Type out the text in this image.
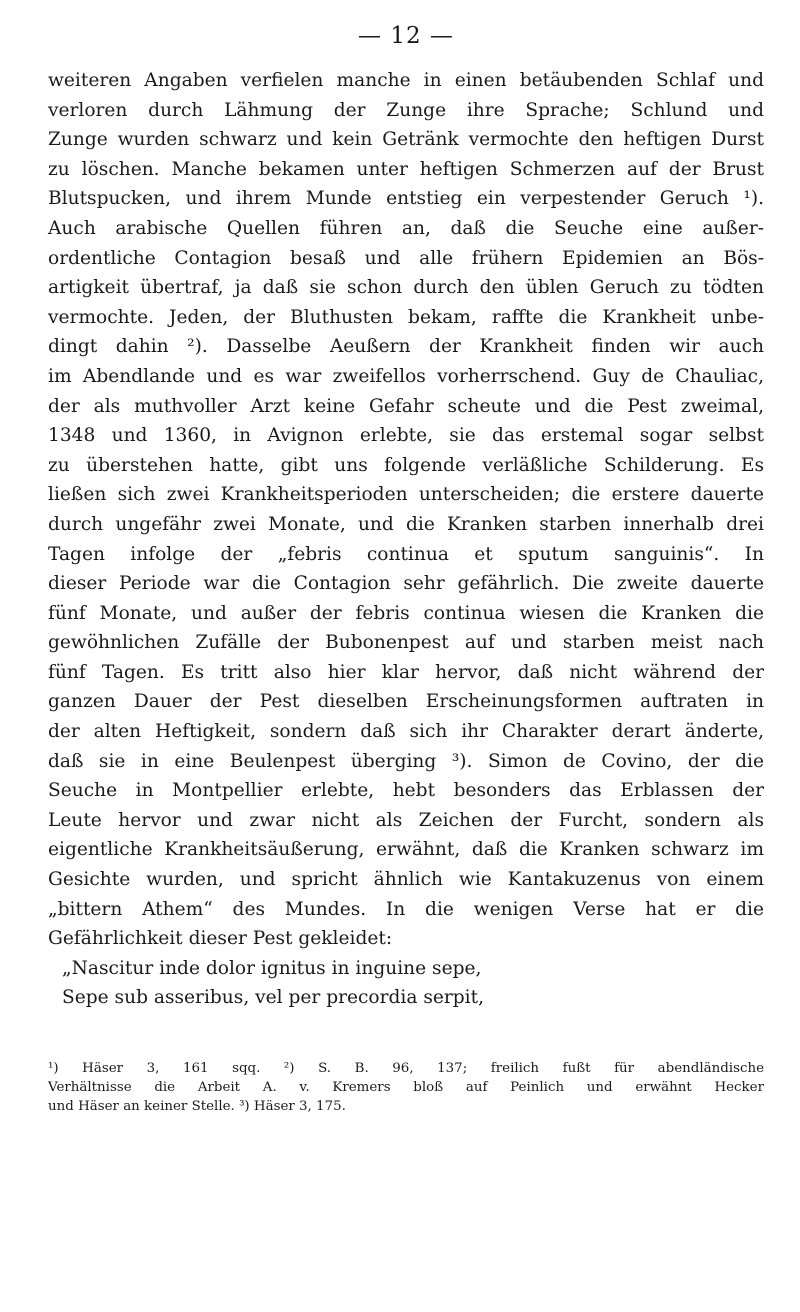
— 12 —
weiteren Angaben verfielen manche in einen betäubenden Schlaf und
verloren durch Lähmung der Zunge ihre Sprache; Schlund und
Zunge wurden schwarz und kein Getränk vermochte den heftigen Durst
zu löschen. Manche bekamen unter heftigen Schmerzen auf der Brust
Blutspucken, und ihrem Munde entstieg ein verpestender Geruch ¹).
Auch arabische Quellen führen an, daß die Seuche eine außer-
ordentliche Contagion besaß und alle frühern Epidemien an Bös-
artigkeit übertraf, ja daß sie schon durch den üblen Geruch zu tödten
vermochte. Jeden, der Bluthusten bekam, raffte die Krankheit unbe-
dingt dahin ²). Dasselbe Aeußern der Krankheit finden wir auch
im Abendlande und es war zweifellos vorherrschend. Guy de Chauliac,
der als muthvoller Arzt keine Gefahr scheute und die Pest zweimal,
1348 und 1360, in Avignon erlebte, sie das erstemal sogar selbst
zu überstehen hatte, gibt uns folgende verläßliche Schilderung. Es
ließen sich zwei Krankheitsperioden unterscheiden; die erstere dauerte
durch ungefähr zwei Monate, und die Kranken starben innerhalb drei
Tagen infolge der „febris continua et sputum sanguinis“. In
dieser Periode war die Contagion sehr gefährlich. Die zweite dauerte
fünf Monate, und außer der febris continua wiesen die Kranken die
gewöhnlichen Zufälle der Bubonenpest auf und starben meist nach
fünf Tagen. Es tritt also hier klar hervor, daß nicht während der
ganzen Dauer der Pest dieselben Erscheinungsformen auftraten in
der alten Heftigkeit, sondern daß sich ihr Charakter derart änderte,
daß sie in eine Beulenpest überging ³). Simon de Covino, der die
Seuche in Montpellier erlebte, hebt besonders das Erblassen der
Leute hervor und zwar nicht als Zeichen der Furcht, sondern als
eigentliche Krankheitsäußerung, erwähnt, daß die Kranken schwarz im
Gesichte wurden, und spricht ähnlich wie Kantakuzenus von einem
„bittern Athem“ des Mundes. In die wenigen Verse hat er die
Gefährlichkeit dieser Pest gekleidet:
„Nascitur inde dolor ignitus in inguine sepe,
Sepe sub asseribus, vel per precordia serpit,
¹) Häser 3, 161 sqq. ²) S. B. 96, 137; freilich fußt für abendländische
Verhältnisse die Arbeit A. v. Kremers bloß auf Peinlich und erwähnt Hecker
und Häser an keiner Stelle. ³) Häser 3, 175.
